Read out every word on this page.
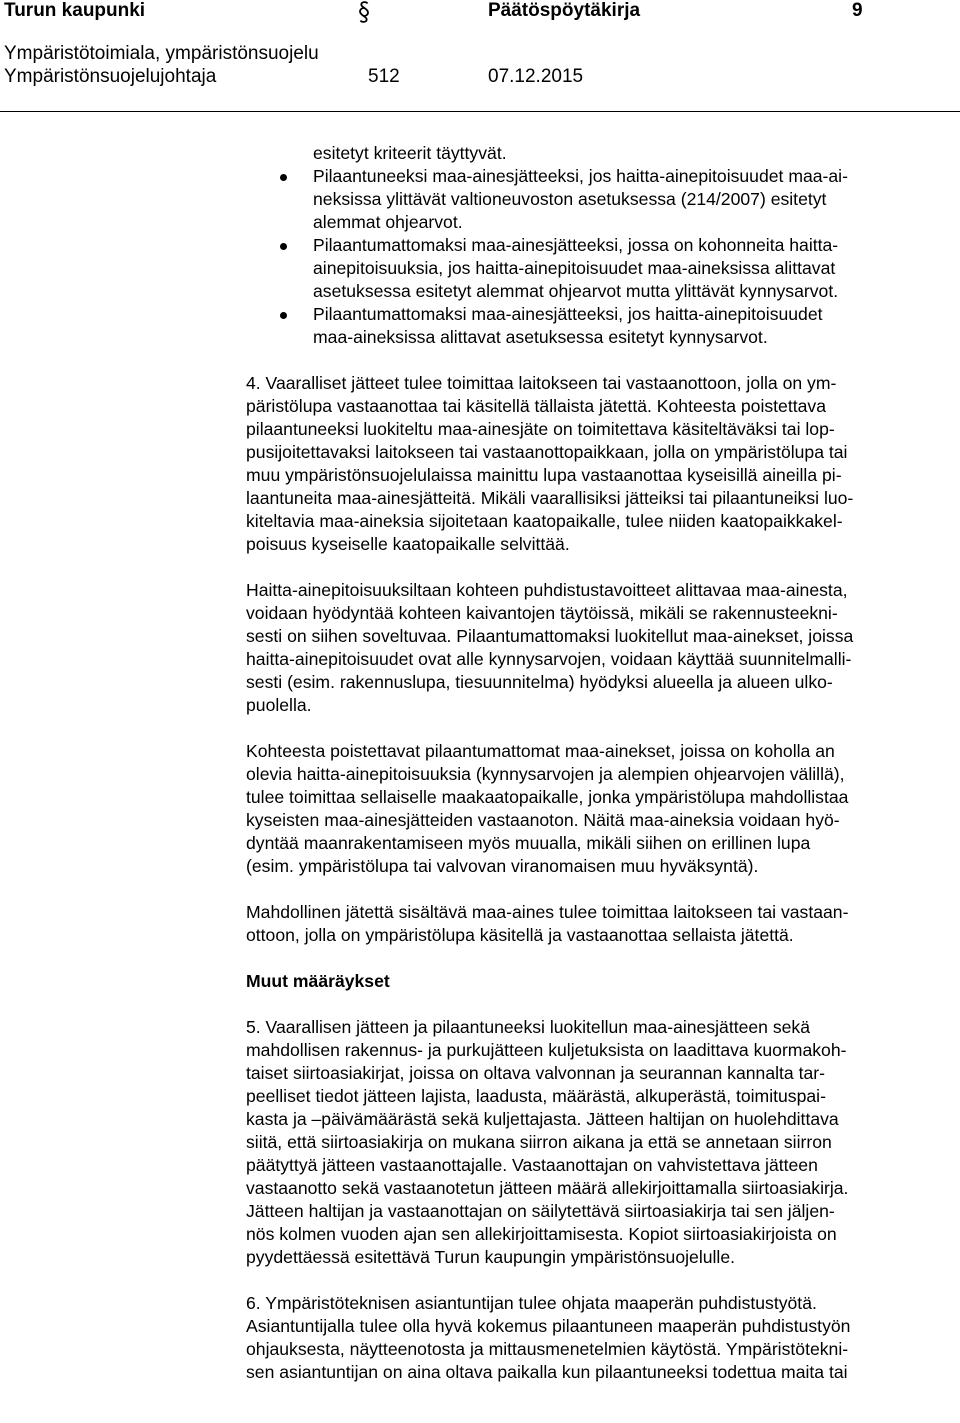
Turun kaupunki	Päätöspöytäkirja	9
Ympäristötoimiala, ympäristönsuojelu
Ympäristönsuojelujohtaja	512	07.12.2015
esitetyt kriteerit täyttyvät.
Pilaantuneeksi maa-ainesjätteeksi, jos haitta-ainepitoisuudet maa-ai-
neksissa ylittävät valtioneuvoston asetuksessa (214/2007) esitetyt
alemmat ohjearvot.
Pilaantumattomaksi maa-ainesjätteeksi, jossa on kohonneita haitta-
ainepitoisuuksia, jos haitta-ainepitoisuudet maa-aineksissa alittavat
asetuksessa esitetyt alemmat ohjearvot mutta ylittävät kynnysarvot.
Pilaantumattomaksi maa-ainesjätteeksi, jos haitta-ainepitoisuudet
maa-aineksissa alittavat asetuksessa esitetyt kynnysarvot.
4. Vaaralliset jätteet tulee toimittaa laitokseen tai vastaanottoon, jolla on ym-
päristölupa vastaanottaa tai käsitellä tällaista jätettä. Kohteesta poistettava
pilaantuneeksi luokiteltu maa-ainesjäte on toimitettava käsiteltäväksi tai lop-
pusijoitettavaksi laitokseen tai vastaanottopaikkaan, jolla on ympäristölupa tai
muu ympäristönsuojelulaissa mainittu lupa vastaanottaa kyseisillä aineilla pi-
laantuneita maa-ainesjätteitä. Mikäli vaarallisiksi jätteiksi tai pilaantuneiksi luo-
kiteltavia maa-aineksia sijoitetaan kaatopaikalle, tulee niiden kaatopaikkakel-
poisuus kyseiselle kaatopaikalle selvittää.
Haitta-ainepitoisuuksiltaan kohteen puhdistustavoitteet alittavaa maa-ainesta,
voidaan hyödyntää kohteen kaivantojen täytöissä, mikäli se rakennusteekni-
sesti on siihen soveltuvaa. Pilaantumattomaksi luokitellut maa-ainekset, joissa
haitta-ainepitoisuudet ovat alle kynnysarvojen, voidaan käyttää suunnitelmalli-
sesti (esim. rakennuslupa, tiesuunnitelma) hyödyksi alueella ja alueen ulko-
puolella.
Kohteesta poistettavat pilaantumattomat maa-ainekset, joissa on koholla an
olevia haitta-ainepitoisuuksia (kynnysarvojen ja alempien ohjearvojen välillä),
tulee toimittaa sellaiselle maakaatopaikalle, jonka ympäristölupa mahdollistaa
kyseisten maa-ainesjätteiden vastaanoton. Näitä maa-aineksia voidaan hyö-
dyntää maanrakentamiseen myös muualla, mikäli siihen on erillinen lupa
(esim. ympäristölupa tai valvovan viranomaisen muu hyväksyntä).
Mahdollinen jätettä sisältävä maa-aines tulee toimittaa laitokseen tai vastaan-
ottoon, jolla on ympäristölupa käsitellä ja vastaanottaa sellaista jätettä.
Muut määräykset
5. Vaarallisen jätteen ja pilaantuneeksi luokitellun maa-ainesjätteen sekä
mahdollisen rakennus- ja purkujätteen kuljetuksista on laadittava kuormakoh-
taiset siirtoasiakirjat, joissa on oltava valvonnan ja seurannan kannalta tar-
peelliset tiedot jätteen lajista, laadusta, määrästä, alkuperästä, toimituspai-
kasta ja –päivämäärästä sekä kuljettajasta. Jätteen haltijan on huolehdittava
siitä, että siirtoasiakirja on mukana siirron aikana ja että se annetaan siirron
päätyttyä jätteen vastaanottajalle. Vastaanottajan on vahvistettava jätteen
vastaanotto sekä vastaanotetun jätteen määrä allekirjoittamalla siirtoasiakirja.
Jätteen haltijan ja vastaanottajan on säilytettävä siirtoasiakirja tai sen jäljen-
nös kolmen vuoden ajan sen allekirjoittamisesta. Kopiot siirtoasiakirjoista on
pyydettäessä esitettävä Turun kaupungin ympäristönsuojelulle.
6. Ympäristöteknisen asiantuntijan tulee ohjata maaperän puhdistustyötä.
Asiantuntijalla tulee olla hyvä kokemus pilaantuneen maaperän puhdistustyön
ohjauksesta, näytteenotosta ja mittausmenetelmien käytöstä. Ympäristötekni-
sen asiantuntijan on aina oltava paikalla kun pilaantuneeksi todettua maita tai
